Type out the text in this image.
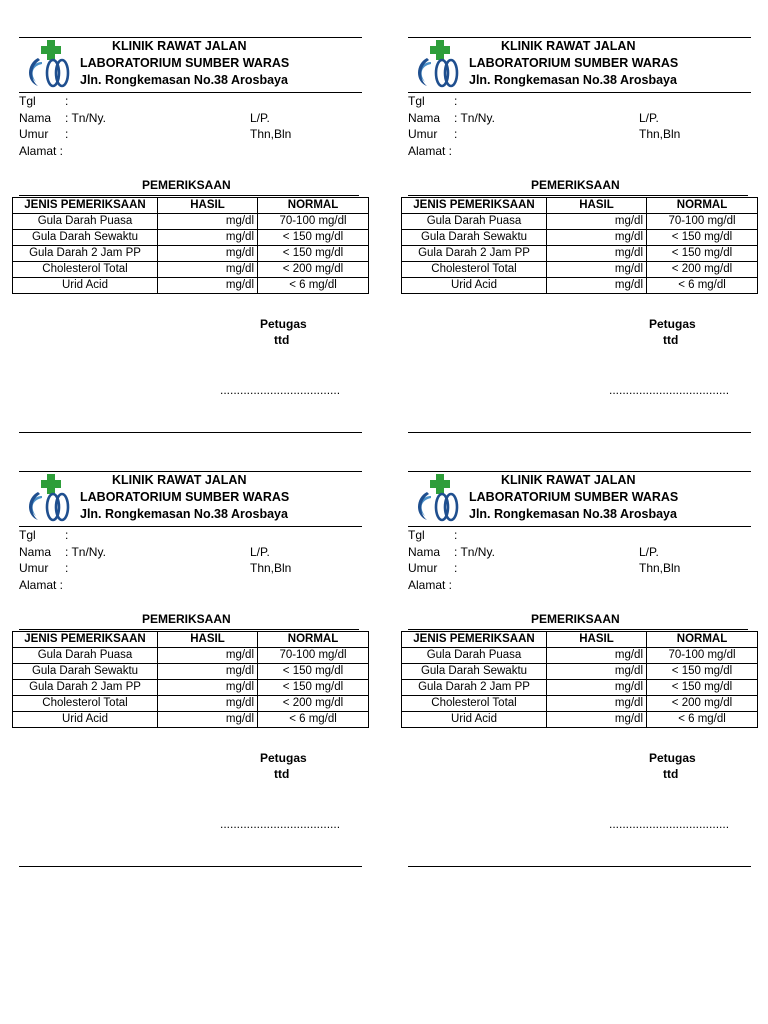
KLINIK RAWAT JALAN
LABORATORIUM SUMBER WARAS
Jln. Rongkemasan No.38 Arosbaya
Tgl :
Nama : Tn/Ny.	L/P.
Umur :	Thn,Bln
Alamat :
PEMERIKSAAN
JENIS PEMERIKSAAN	HASIL	NORMAL
Gula Darah Puasa	mg/dl	70-100 mg/dl
Gula Darah Sewaktu	mg/dl	< 150 mg/dl
Gula Darah 2 Jam PP	mg/dl	< 150 mg/dl
Cholesterol Total	mg/dl	< 200 mg/dl
Urid Acid	mg/dl	< 6 mg/dl
Petugas
ttd
....................................
KLINIK RAWAT JALAN
LABORATORIUM SUMBER WARAS
Jln. Rongkemasan No.38 Arosbaya
Tgl :
Nama : Tn/Ny.	L/P.
Umur :	Thn,Bln
Alamat :
PEMERIKSAAN
JENIS PEMERIKSAAN	HASIL	NORMAL
Gula Darah Puasa	mg/dl	70-100 mg/dl
Gula Darah Sewaktu	mg/dl	< 150 mg/dl
Gula Darah 2 Jam PP	mg/dl	< 150 mg/dl
Cholesterol Total	mg/dl	< 200 mg/dl
Urid Acid	mg/dl	< 6 mg/dl
Petugas
ttd
....................................
KLINIK RAWAT JALAN
LABORATORIUM SUMBER WARAS
Jln. Rongkemasan No.38 Arosbaya
Tgl :
Nama : Tn/Ny.	L/P.
Umur :	Thn,Bln
Alamat :
PEMERIKSAAN
JENIS PEMERIKSAAN	HASIL	NORMAL
Gula Darah Puasa	mg/dl	70-100 mg/dl
Gula Darah Sewaktu	mg/dl	< 150 mg/dl
Gula Darah 2 Jam PP	mg/dl	< 150 mg/dl
Cholesterol Total	mg/dl	< 200 mg/dl
Urid Acid	mg/dl	< 6 mg/dl
Petugas
ttd
....................................
KLINIK RAWAT JALAN
LABORATORIUM SUMBER WARAS
Jln. Rongkemasan No.38 Arosbaya
Tgl :
Nama : Tn/Ny.	L/P.
Umur :	Thn,Bln
Alamat :
PEMERIKSAAN
JENIS PEMERIKSAAN	HASIL	NORMAL
Gula Darah Puasa	mg/dl	70-100 mg/dl
Gula Darah Sewaktu	mg/dl	< 150 mg/dl
Gula Darah 2 Jam PP	mg/dl	< 150 mg/dl
Cholesterol Total	mg/dl	< 200 mg/dl
Urid Acid	mg/dl	< 6 mg/dl
Petugas
ttd
....................................
